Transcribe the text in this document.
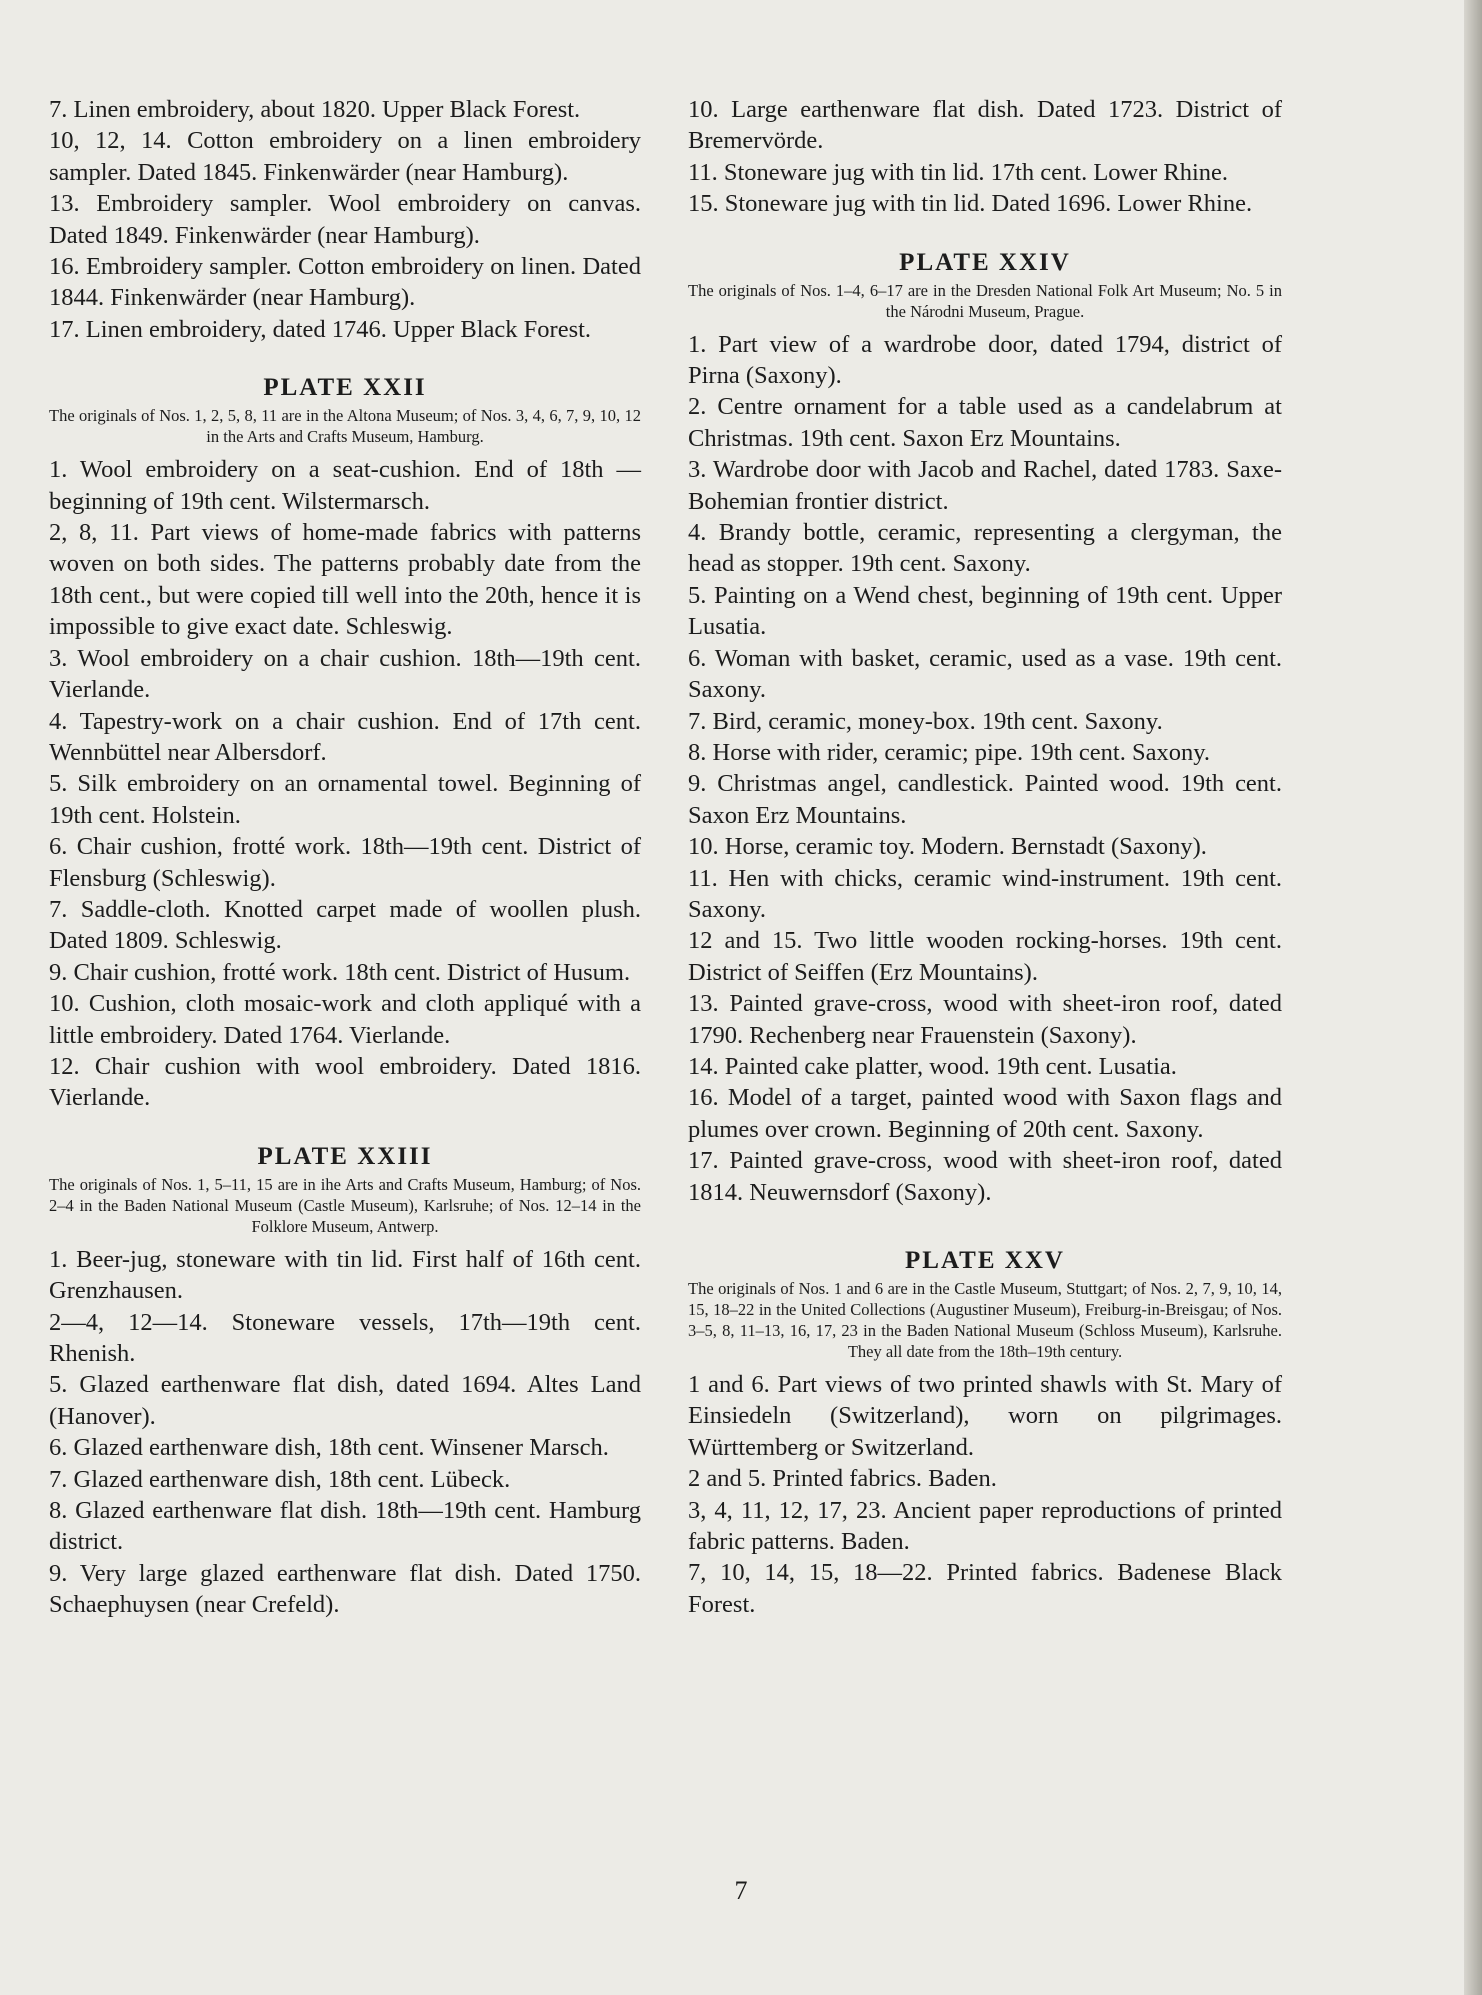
7. Linen embroidery, about 1820. Upper Black Forest.

10, 12, 14. Cotton embroidery on a linen embroidery sampler. Dated 1845. Finkenwärder (near Hamburg).

13. Embroidery sampler. Wool embroidery on canvas. Dated 1849. Finkenwärder (near Hamburg).

16. Embroidery sampler. Cotton embroidery on linen. Dated 1844. Finkenwärder (near Hamburg).

17. Linen embroidery, dated 1746. Upper Black Forest.

PLATE XXII

The originals of Nos. 1, 2, 5, 8, 11 are in the Altona Museum; of Nos. 3, 4, 6, 7, 9, 10, 12 in the Arts and Crafts Museum, Hamburg.

1. Wool embroidery on a seat-cushion. End of 18th —beginning of 19th cent. Wilstermarsch.

2, 8, 11. Part views of home-made fabrics with patterns woven on both sides. The patterns probably date from the 18th cent., but were copied till well into the 20th, hence it is impossible to give exact date. Schleswig.

3. Wool embroidery on a chair cushion. 18th—19th cent. Vierlande.

4. Tapestry-work on a chair cushion. End of 17th cent. Wennbüttel near Albersdorf.

5. Silk embroidery on an ornamental towel. Beginning of 19th cent. Holstein.

6. Chair cushion, frotté work. 18th—19th cent. District of Flensburg (Schleswig).

7. Saddle-cloth. Knotted carpet made of woollen plush. Dated 1809. Schleswig.

9. Chair cushion, frotté work. 18th cent. District of Husum.

10. Cushion, cloth mosaic-work and cloth appliqué with a little embroidery. Dated 1764. Vierlande.

12. Chair cushion with wool embroidery. Dated 1816. Vierlande.

PLATE XXIII

The originals of Nos. 1, 5–11, 15 are in ihe Arts and Crafts Museum, Hamburg; of Nos. 2–4 in the Baden National Museum (Castle Museum), Karlsruhe; of Nos. 12–14 in the Folklore Museum, Antwerp.

1. Beer-jug, stoneware with tin lid. First half of 16th cent. Grenzhausen.

2—4, 12—14. Stoneware vessels, 17th—19th cent. Rhenish.

5. Glazed earthenware flat dish, dated 1694. Altes Land (Hanover).

6. Glazed earthenware dish, 18th cent. Winsener Marsch.

7. Glazed earthenware dish, 18th cent. Lübeck.

8. Glazed earthenware flat dish. 18th—19th cent. Hamburg district.

9. Very large glazed earthenware flat dish. Dated 1750. Schaephuysen (near Crefeld).

10. Large earthenware flat dish. Dated 1723. District of Bremervörde.

11. Stoneware jug with tin lid. 17th cent. Lower Rhine.

15. Stoneware jug with tin lid. Dated 1696. Lower Rhine.

PLATE XXIV

The originals of Nos. 1–4, 6–17 are in the Dresden National Folk Art Museum; No. 5 in the Národni Museum, Prague.

1. Part view of a wardrobe door, dated 1794, district of Pirna (Saxony).

2. Centre ornament for a table used as a candelabrum at Christmas. 19th cent. Saxon Erz Mountains.

3. Wardrobe door with Jacob and Rachel, dated 1783. Saxe-Bohemian frontier district.

4. Brandy bottle, ceramic, representing a clergyman, the head as stopper. 19th cent. Saxony.

5. Painting on a Wend chest, beginning of 19th cent. Upper Lusatia.

6. Woman with basket, ceramic, used as a vase. 19th cent. Saxony.

7. Bird, ceramic, money-box. 19th cent. Saxony.

8. Horse with rider, ceramic; pipe. 19th cent. Saxony.

9. Christmas angel, candlestick. Painted wood. 19th cent. Saxon Erz Mountains.

10. Horse, ceramic toy. Modern. Bernstadt (Saxony).

11. Hen with chicks, ceramic wind-instrument. 19th cent. Saxony.

12 and 15. Two little wooden rocking-horses. 19th cent. District of Seiffen (Erz Mountains).

13. Painted grave-cross, wood with sheet-iron roof, dated 1790. Rechenberg near Frauenstein (Saxony).

14. Painted cake platter, wood. 19th cent. Lusatia.

16. Model of a target, painted wood with Saxon flags and plumes over crown. Beginning of 20th cent. Saxony.

17. Painted grave-cross, wood with sheet-iron roof, dated 1814. Neuwernsdorf (Saxony).

PLATE XXV

The originals of Nos. 1 and 6 are in the Castle Museum, Stuttgart; of Nos. 2, 7, 9, 10, 14, 15, 18–22 in the United Collections (Augustiner Museum), Freiburg-in-Breisgau; of Nos. 3–5, 8, 11–13, 16, 17, 23 in the Baden National Museum (Schloss Museum), Karlsruhe. They all date from the 18th–19th century.

1 and 6. Part views of two printed shawls with St. Mary of Einsiedeln (Switzerland), worn on pilgrimages. Württemberg or Switzerland.

2 and 5. Printed fabrics. Baden.

3, 4, 11, 12, 17, 23. Ancient paper reproductions of printed fabric patterns. Baden.

7, 10, 14, 15, 18—22. Printed fabrics. Badenese Black Forest.

7
